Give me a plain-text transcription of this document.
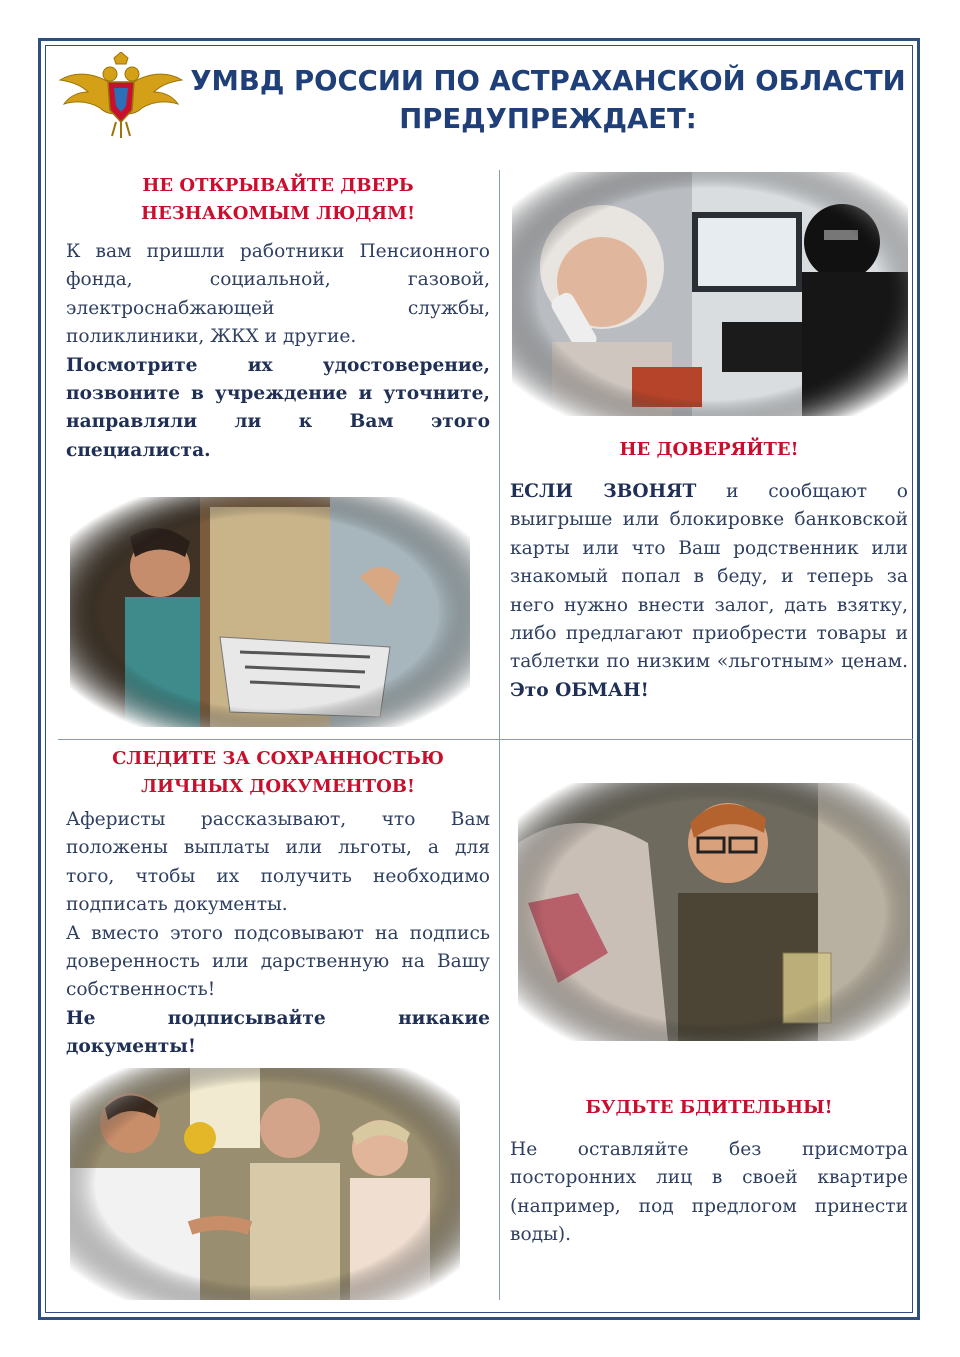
УМВД РОССИИ ПО АСТРАХАНСКОЙ ОБЛАСТИ
ПРЕДУПРЕЖДАЕТ:
НЕ ОТКРЫВАЙТЕ ДВЕРЬ
НЕЗНАКОМЫМ ЛЮДЯМ!

К вам пришли работники Пенсионного фонда, социальной, газовой, электроснабжающей службы, поликлиники, ЖКХ и другие.
Посмотрите их удостоверение, позвоните в учреждение и уточните, направляли ли к Вам этого специалиста.	НЕ ДОВЕРЯЙТЕ!

ЕСЛИ ЗВОНЯТ и сообщают о выигрыше или блокировке банковской карты или что Ваш родственник или знакомый попал в беду, и теперь за него нужно внести залог, дать взятку, либо предлагают приобрести товары и таблетки по низким «льготным» ценам. Это ОБМАН!

СЛЕДИТЕ ЗА СОХРАННОСТЬЮ
ЛИЧНЫХ ДОКУМЕНТОВ!

Аферисты рассказывают, что Вам положены выплаты или льготы, а для того, чтобы их получить необходимо подписать документы.
А вместо этого подсовывают на подпись доверенность или дарственную на Вашу собственность!
Не подписывайте никакие документы!

БУДЬТЕ БДИТЕЛЬНЫ!

Не оставляйте без присмотра посторонних лиц в своей квартире (например, под предлогом принести воды).
